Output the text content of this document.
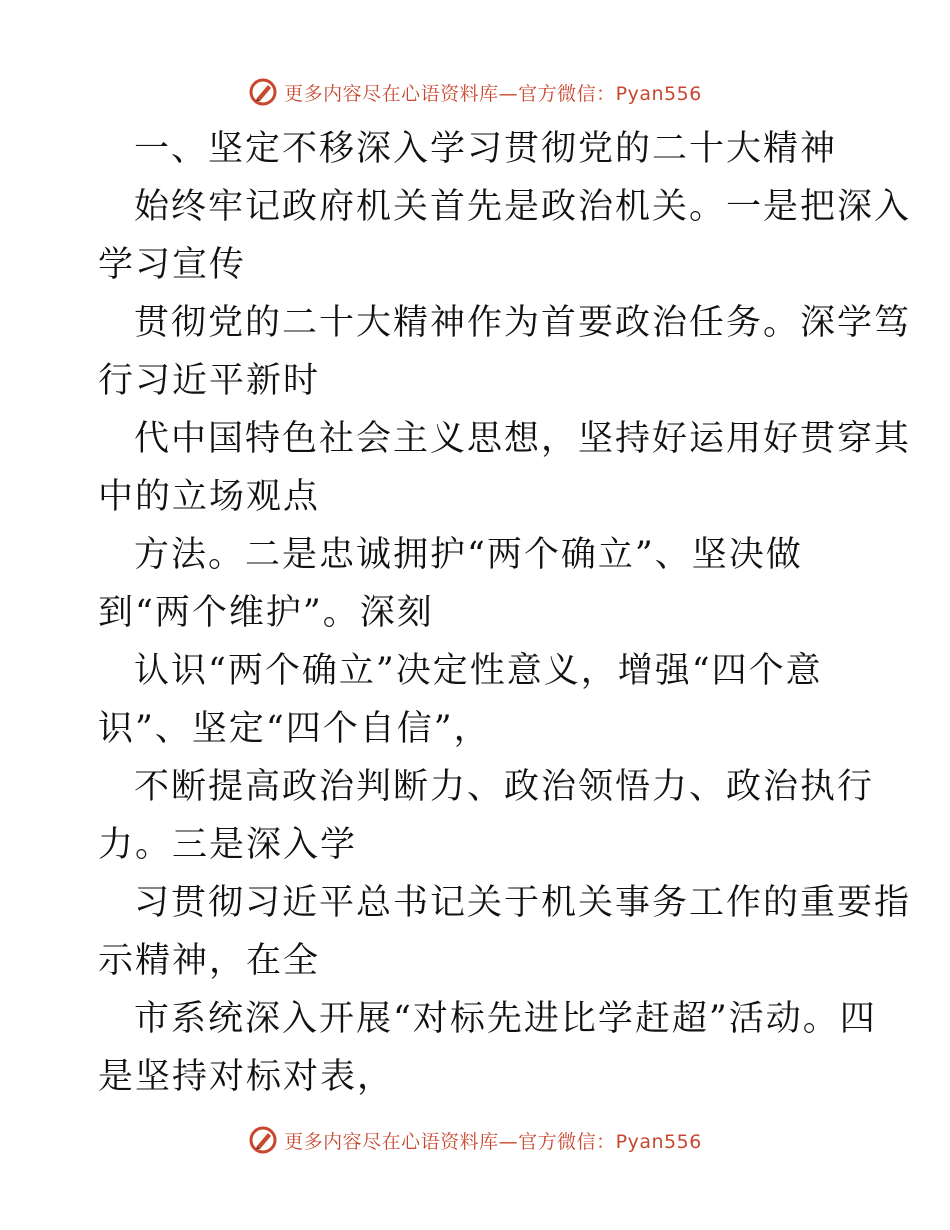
更多内容尽在心语资料库—官方微信：Pyan556

一、坚定不移深入学习贯彻党的二十大精神

始终牢记政府机关首先是政治机关。一是把深入

学习宣传

贯彻党的二十大精神作为首要政治任务。深学笃

行习近平新时

代中国特色社会主义思想，坚持好运用好贯穿其

中的立场观点

方法。二是忠诚拥护“两个确立”、坚决做

到“两个维护”。深刻

认识“两个确立”决定性意义，增强“四个意

识”、坚定“四个自信”，

不断提高政治判断力、政治领悟力、政治执行

力。三是深入学

习贯彻习近平总书记关于机关事务工作的重要指

示精神，在全

市系统深入开展“对标先进比学赶超”活动。四

是坚持对标对表，

更多内容尽在心语资料库—官方微信：Pyan556
